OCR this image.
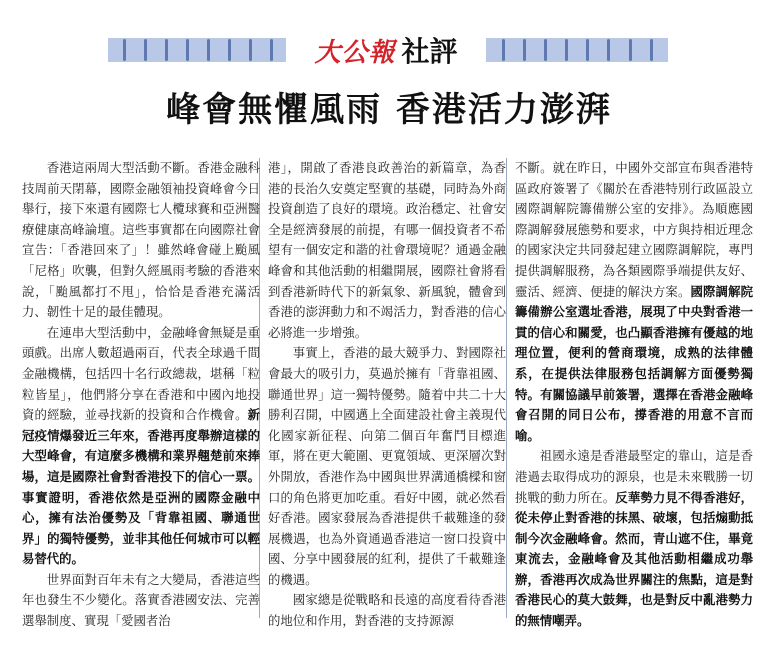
大公報 社評
峰會無懼風雨 香港活力澎湃

香港這兩周大型活動不斷。香港金融科技周前天閉幕，國際金融領袖投資峰會今日舉行，接下來還有國際七人欖球賽和亞洲醫療健康高峰論壇。這些事實都在向國際社會宣告：「香港回來了」！雖然峰會碰上颱風「尼格」吹襲，但對久經風雨考驗的香港來說，「颱風都打不甩」，恰恰是香港充滿活力、韌性十足的最佳體現。

在連串大型活動中，金融峰會無疑是重頭戲。出席人數超過兩百，代表全球過千間金融機構，包括四十名行政總裁，堪稱「粒粒皆星」，他們將分享在香港和中國內地投資的經驗，並尋找新的投資和合作機會。新冠疫情爆發近三年來，香港再度舉辦這樣的大型峰會，有這麼多機構和業界翹楚前來捧場，這是國際社會對香港投下的信心一票。事實證明，香港依然是亞洲的國際金融中心，擁有法治優勢及「背靠祖國、聯通世界」的獨特優勢，並非其他任何城市可以輕易替代的。

世界面對百年未有之大變局，香港這些年也發生不少變化。落實香港國安法、完善選舉制度、實現「愛國者治

港」，開啟了香港良政善治的新篇章，為香港的長治久安奠定堅實的基礎，同時為外商投資創造了良好的環境。政治穩定、社會安全是經濟發展的前提，有哪一個投資者不希望有一個安定和諧的社會環境呢？通過金融峰會和其他活動的相繼開展，國際社會將看到香港新時代下的新氣象、新風貌，體會到香港的澎湃動力和不竭活力，對香港的信心必將進一步增強。

事實上，香港的最大競爭力、對國際社會最大的吸引力，莫過於擁有「背靠祖國、聯通世界」這一獨特優勢。隨着中共二十大勝利召開，中國邁上全面建設社會主義現代化國家新征程、向第二個百年奮鬥目標進軍，將在更大範圍、更寬領域、更深層次對外開放，香港作為中國與世界溝通橋樑和窗口的角色將更加吃重。看好中國，就必然看好香港。國家發展為香港提供千載難逢的發展機遇，也為外資通過香港這一窗口投資中國、分享中國發展的紅利，提供了千載難逢的機遇。

國家總是從戰略和長遠的高度看待香港的地位和作用，對香港的支持源源

不斷。就在昨日，中國外交部宣布與香港特區政府簽署了《關於在香港特別行政區設立國際調解院籌備辦公室的安排》。為順應國際調解發展態勢和要求，中方與持相近理念的國家決定共同發起建立國際調解院，專門提供調解服務，為各類國際爭端提供友好、靈活、經濟、便捷的解決方案。國際調解院籌備辦公室選址香港，展現了中央對香港一貫的信心和關愛，也凸顯香港擁有優越的地理位置，便利的營商環境，成熟的法律體系，在提供法律服務包括調解方面優勢獨特。有關協議早前簽署，選擇在香港金融峰會召開的同日公布，撐香港的用意不言而喻。

祖國永遠是香港最堅定的靠山，這是香港過去取得成功的源泉，也是未來戰勝一切挑戰的動力所在。反華勢力見不得香港好，從未停止對香港的抹黑、破壞，包括煽動抵制今次金融峰會。然而，青山遮不住，畢竟東流去，金融峰會及其他活動相繼成功舉辦，香港再次成為世界關注的焦點，這是對香港民心的莫大鼓舞，也是對反中亂港勢力的無情嘲弄。
